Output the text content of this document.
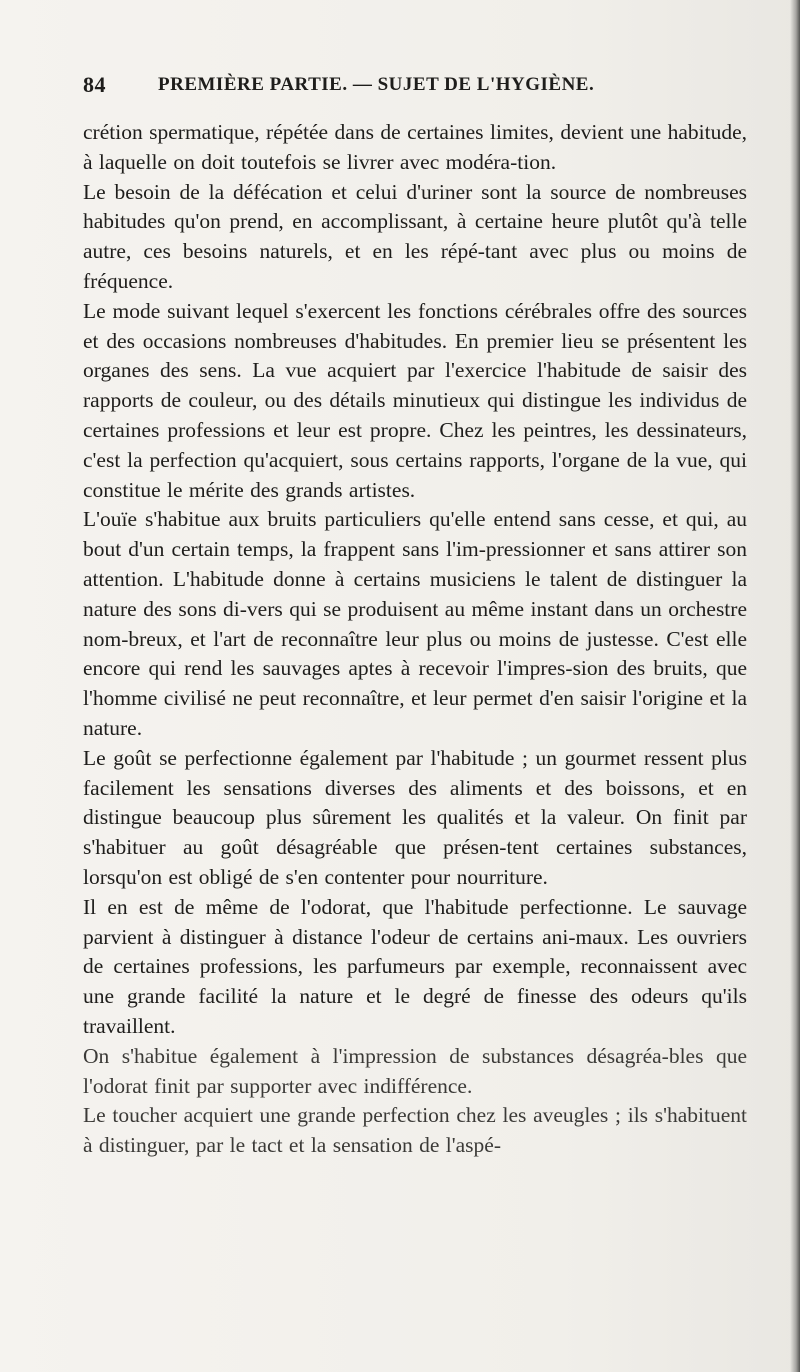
84	PREMIÈRE PARTIE. — SUJET DE L'HYGIÈNE.

crétion spermatique, répétée dans de certaines limites, devient une habitude, à laquelle on doit toutefois se livrer avec modéra-tion.

Le besoin de la défécation et celui d'uriner sont la source de nombreuses habitudes qu'on prend, en accomplissant, à certaine heure plutôt qu'à telle autre, ces besoins naturels, et en les répé-tant avec plus ou moins de fréquence.

Le mode suivant lequel s'exercent les fonctions cérébrales offre des sources et des occasions nombreuses d'habitudes. En premier lieu se présentent les organes des sens. La vue acquiert par l'exercice l'habitude de saisir des rapports de couleur, ou des détails minutieux qui distingue les individus de certaines professions et leur est propre. Chez les peintres, les dessinateurs, c'est la perfection qu'acquiert, sous certains rapports, l'organe de la vue, qui constitue le mérite des grands artistes.

L'ouïe s'habitue aux bruits particuliers qu'elle entend sans cesse, et qui, au bout d'un certain temps, la frappent sans l'im-pressionner et sans attirer son attention. L'habitude donne à certains musiciens le talent de distinguer la nature des sons di-vers qui se produisent au même instant dans un orchestre nom-breux, et l'art de reconnaître leur plus ou moins de justesse. C'est elle encore qui rend les sauvages aptes à recevoir l'impres-sion des bruits, que l'homme civilisé ne peut reconnaître, et leur permet d'en saisir l'origine et la nature.

Le goût se perfectionne également par l'habitude ; un gourmet ressent plus facilement les sensations diverses des aliments et des boissons, et en distingue beaucoup plus sûrement les qualités et la valeur. On finit par s'habituer au goût désagréable que présen-tent certaines substances, lorsqu'on est obligé de s'en contenter pour nourriture.

Il en est de même de l'odorat, que l'habitude perfectionne. Le sauvage parvient à distinguer à distance l'odeur de certains ani-maux. Les ouvriers de certaines professions, les parfumeurs par exemple, reconnaissent avec une grande facilité la nature et le degré de finesse des odeurs qu'ils travaillent.

On s'habitue également à l'impression de substances désagréa-bles que l'odorat finit par supporter avec indifférence.

Le toucher acquiert une grande perfection chez les aveugles ; ils s'habituent à distinguer, par le tact et la sensation de l'aspé-
